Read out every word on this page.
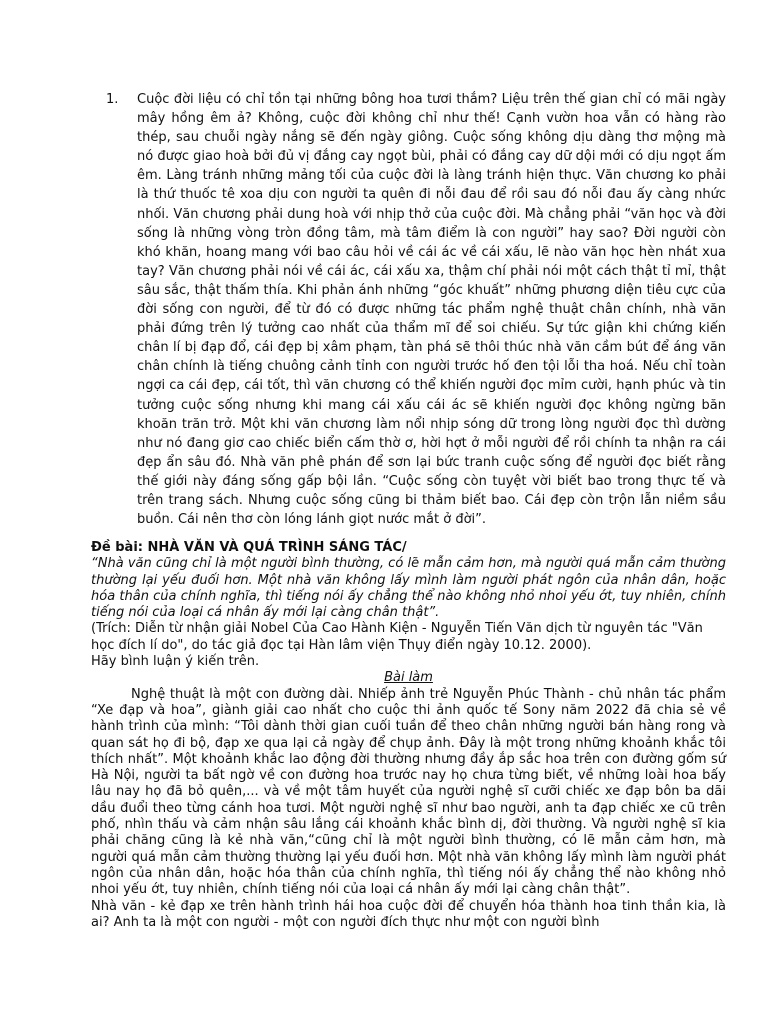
1.	Cuộc đời liệu có chỉ tồn tại những bông hoa tươi thắm? Liệu trên thế gian chỉ có mãi ngày mây hồng êm ả? Không, cuộc đời không chỉ như thế! Cạnh vườn hoa vẫn có hàng rào thép, sau chuỗi ngày nắng sẽ đến ngày giông. Cuộc sống không dịu dàng thơ mộng mà nó được giao hoà bởi đủ vị đắng cay ngọt bùi, phải có đắng cay dữ dội mới có dịu ngọt ấm êm. Làng tránh những mảng tối của cuộc đời là làng tránh hiện thực. Văn chương ko phải là thứ thuốc tê xoa dịu con người ta quên đi nỗi đau để rồi sau đó nỗi đau ấy càng nhức nhối. Văn chương phải dung hoà với nhịp thở của cuộc đời. Mà chẳng phải “văn học và đời sống là những vòng tròn đồng tâm, mà tâm điểm là con người” hay sao? Đời người còn khó khăn, hoang mang với bao câu hỏi về cái ác về cái xấu, lẽ nào văn học hèn nhát xua tay? Văn chương phải nói về cái ác, cái xấu xa, thậm chí phải nói một cách thật tỉ mỉ, thật sâu sắc, thật thấm thía. Khi phản ánh những “góc khuất” những phương diện tiêu cực của đời sống con người, để từ đó có được những tác phẩm nghệ thuật chân chính, nhà văn phải đứng trên lý tưởng cao nhất của thẩm mĩ để soi chiếu. Sự tức giận khi chứng kiến chân lí bị đạp đổ, cái đẹp bị xâm phạm, tàn phá sẽ thôi thúc nhà văn cầm bút để áng văn chân chính là tiếng chuông cảnh tỉnh con người trước hố đen tội lỗi tha hoá. Nếu chỉ toàn ngợi ca cái đẹp, cái tốt, thì văn chương có thể khiến người đọc mỉm cười, hạnh phúc và tin tưởng cuộc sống nhưng khi mang cái xấu cái ác sẽ khiến người đọc không ngừng băn khoăn trăn trở. Một khi văn chương làm nổi nhịp sóng dữ trong lòng người đọc thì dường như nó đang giơ cao chiếc biển cấm thờ ơ, hời hợt ở mỗi người để rồi chính ta nhận ra cái đẹp ẩn sâu đó. Nhà văn phê phán để sơn lại bức tranh cuộc sống để người đọc biết rằng thế giới này đáng sống gấp bội lần. “Cuộc sống còn tuyệt vời biết bao trong thực tế và trên trang sách. Nhưng cuộc sống cũng bi thảm biết bao. Cái đẹp còn trộn lẫn niềm sầu buồn. Cái nên thơ còn lóng lánh giọt nước mắt ở đời”.
Đề bài: NHÀ VĂN VÀ QUÁ TRÌNH SÁNG TÁC/
“Nhà văn cũng chỉ là một người bình thường, có lẽ mẫn cảm hơn, mà người quá mẫn cảm thường thường lại yếu đuối hơn. Một nhà văn không lấy mình làm người phát ngôn của nhân dân, hoặc hóa thân của chính nghĩa, thì tiếng nói ấy chẳng thể nào không nhỏ nhoi yếu ớt, tuy nhiên, chính tiếng nói của loại cá nhân ấy mới lại càng chân thật”.
(Trích: Diễn từ nhận giải Nobel Của Cao Hành Kiện - Nguyễn Tiến Văn dịch từ nguyên tác "Văn học đích lí do", do tác giả đọc tại Hàn lâm viện Thụy điển ngày 10.12. 2000).
Hãy bình luận ý kiến trên.
Bài làm
Nghệ thuật là một con đường dài. Nhiếp ảnh trẻ Nguyễn Phúc Thành - chủ nhân tác phẩm “Xe đạp và hoa”, giành giải cao nhất cho cuộc thi ảnh quốc tế Sony năm 2022 đã chia sẻ về hành trình của mình: “Tôi dành thời gian cuối tuần để theo chân những người bán hàng rong và quan sát họ đi bộ, đạp xe qua lại cả ngày để chụp ảnh. Đây là một trong những khoảnh khắc tôi thích nhất”. Một khoảnh khắc lao động đời thường nhưng đầy ắp sắc hoa trên con đường gốm sứ Hà Nội, người ta bất ngờ về con đường hoa trước nay họ chưa từng biết, về những loài hoa bấy lâu nay họ đã bỏ quên,... và về một tâm huyết của người nghệ sĩ cưỡi chiếc xe đạp bôn ba dãi dầu đuổi theo từng cánh hoa tươi. Một người nghệ sĩ như bao người, anh ta đạp chiếc xe cũ trên phố, nhìn thấu và cảm nhận sâu lắng cái khoảnh khắc bình dị, đời thường. Và người nghệ sĩ kia phải chăng cũng là kẻ nhà văn,“cũng chỉ là một người bình thường, có lẽ mẫn cảm hơn, mà người quá mẫn cảm thường thường lại yếu đuối hơn. Một nhà văn không lấy mình làm người phát ngôn của nhân dân, hoặc hóa thân của chính nghĩa, thì tiếng nói ấy chẳng thể nào không nhỏ nhoi yếu ớt, tuy nhiên, chính tiếng nói của loại cá nhân ấy mới lại càng chân thật”.
Nhà văn - kẻ đạp xe trên hành trình hái hoa cuộc đời để chuyển hóa thành hoa tinh thần kia, là ai? Anh ta là một con người - một con người đích thực như một con người bình
